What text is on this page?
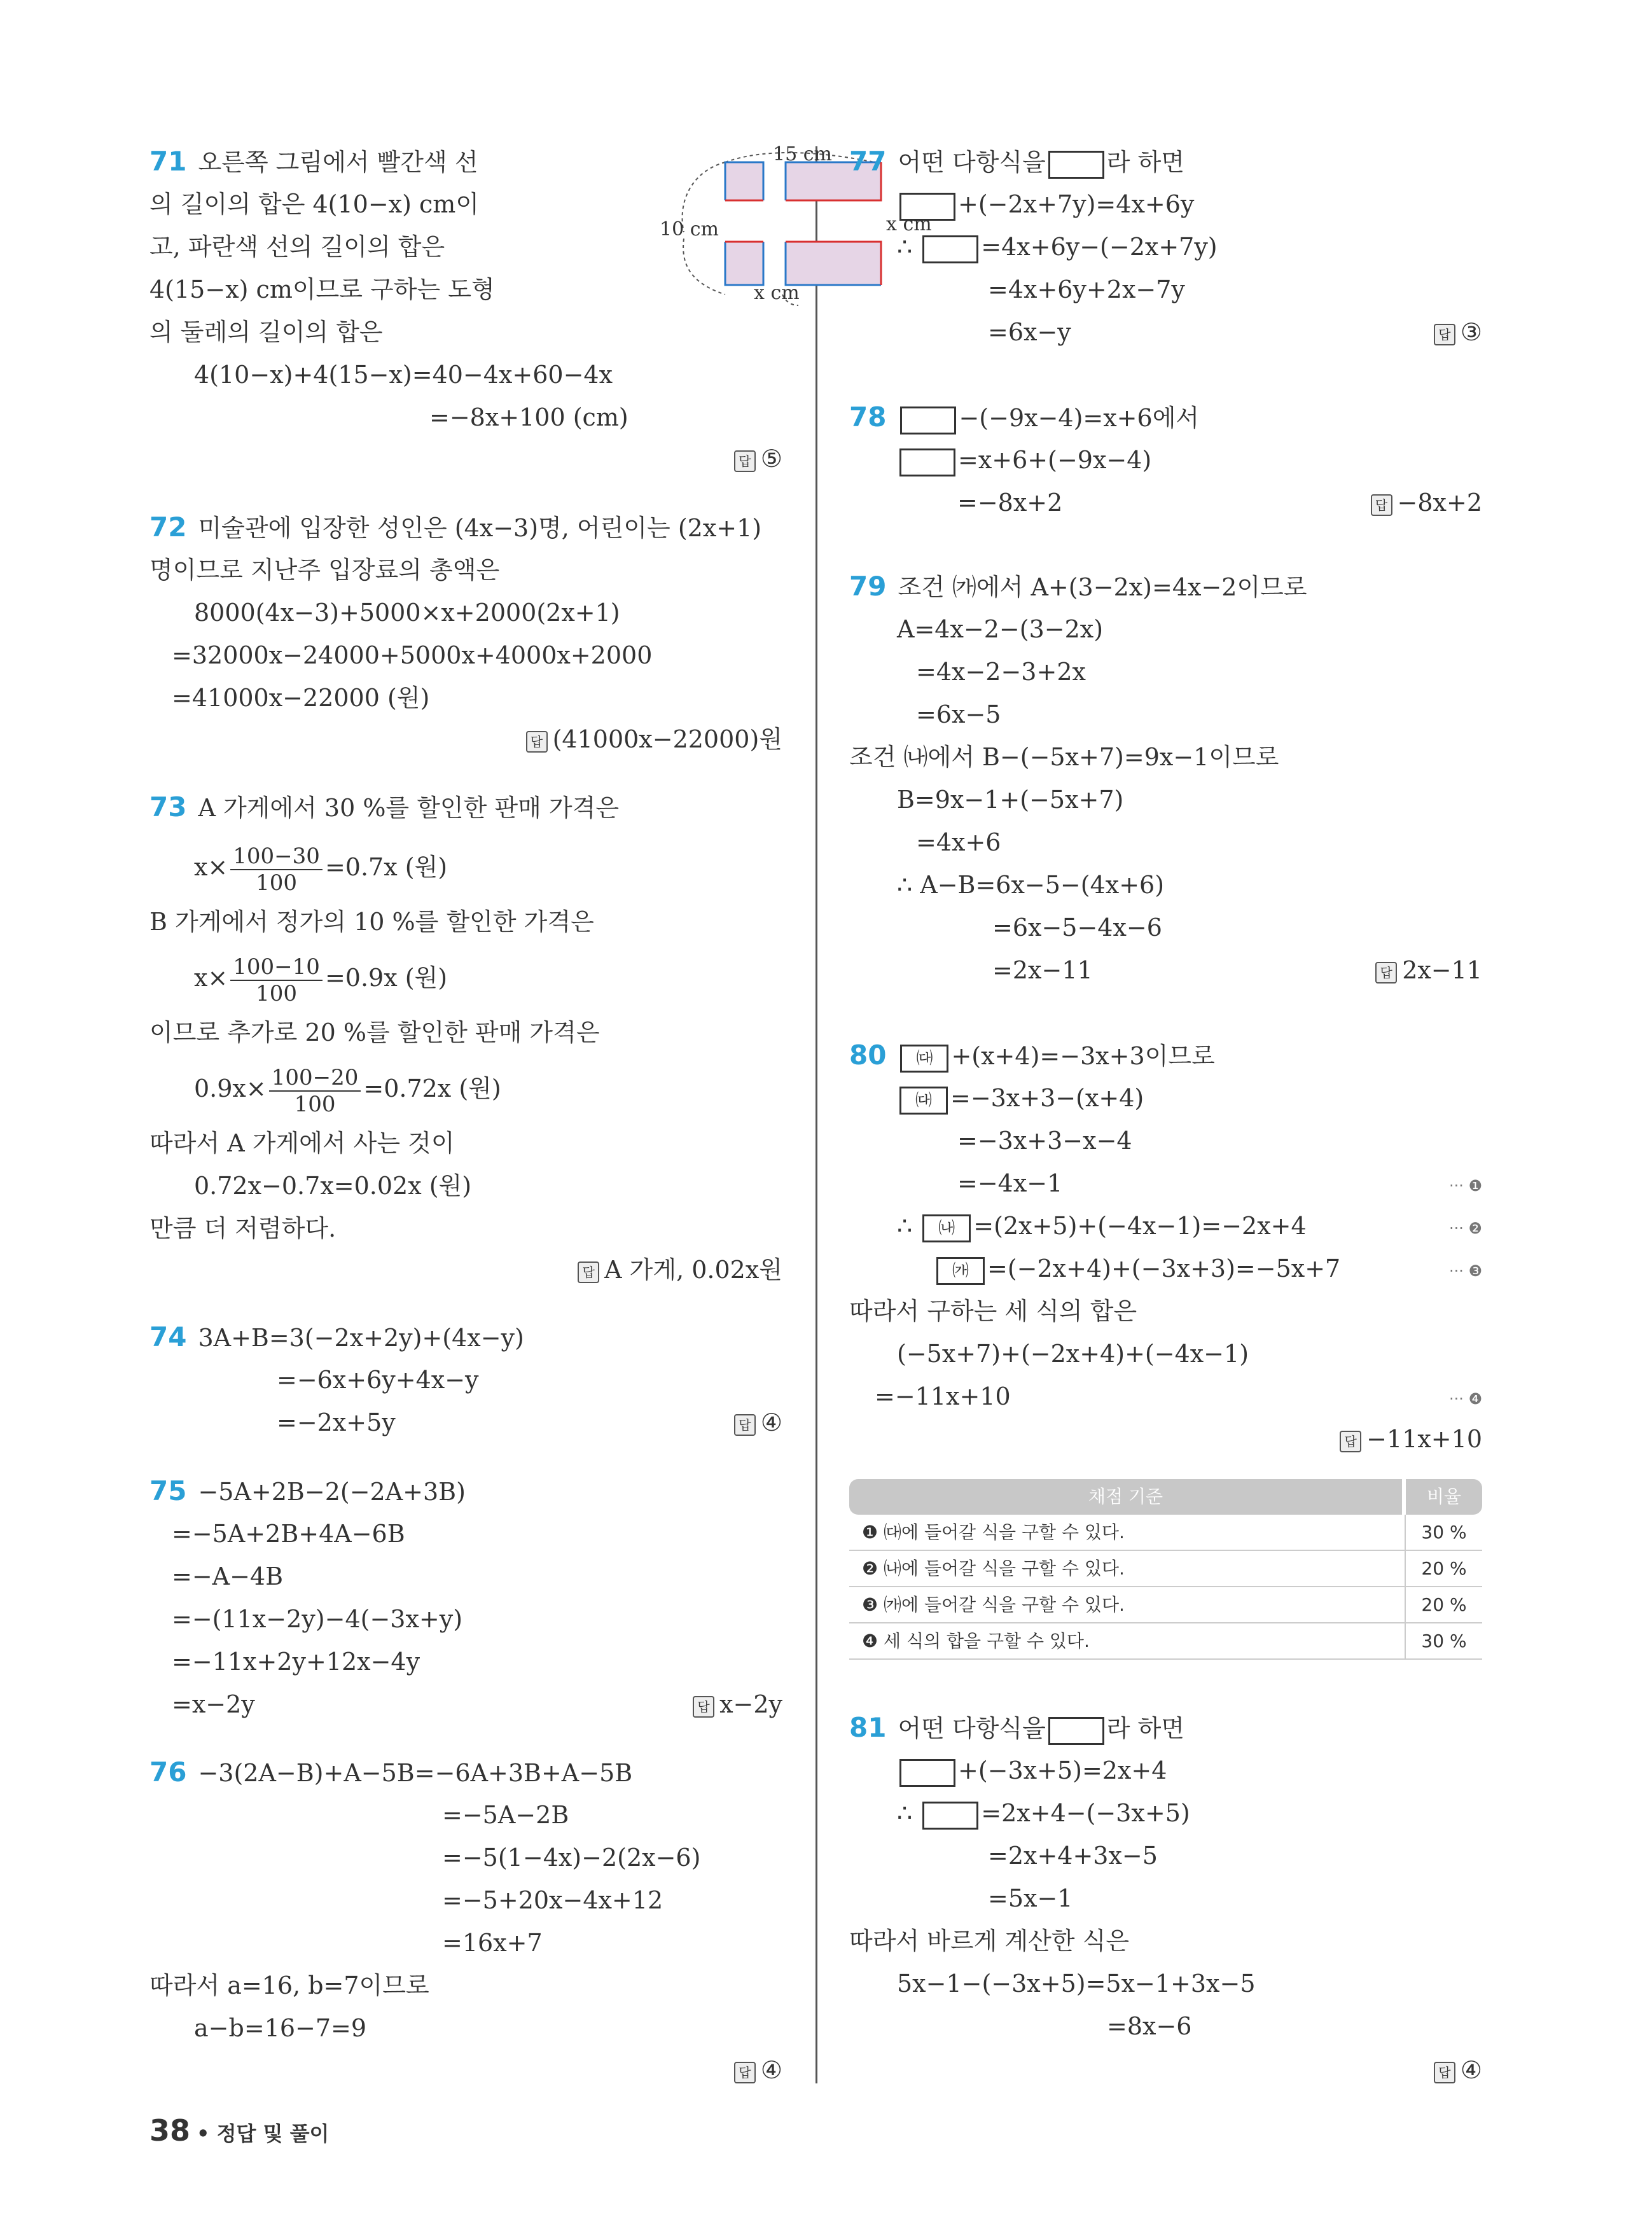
71 오른쪽 그림에서 빨간색 선
의 길이의 합은 4(10−x) cm이
고, 파란색 선의 길이의 합은
4(15−x) cm이므로 구하는 도형
의 둘레의 길이의 합은
4(10−x)+4(15−x)=40−4x+60−4x
=−8x+100 (cm)
답 ⑤
15 cm
10 cm	x cm
x cm
72 미술관에 입장한 성인은 (4x−3)명, 어린이는 (2x+1)
명이므로 지난주 입장료의 총액은
8000(4x−3)+5000×x+2000(2x+1)
=32000x−24000+5000x+4000x+2000
=41000x−22000 (원)
답 (41000x−22000)원
73 A 가게에서 30 %를 할인한 판매 가격은
$x\times \frac{100-30}{100} =0.7x$ (원)
B 가게에서 정가의 10 %를 할인한 가격은
$x\times \frac{100-10}{100} =0.9x$ (원)
이므로 추가로 20 %를 할인한 판매 가격은
$0.9x\times \frac{100-20}{100} =0.72x$ (원)
따라서 A 가게에서 사는 것이
0.72x−0.7x=0.02x (원)
만큼 더 저렴하다.
답 A 가게, 0.02x원
74 3A+B=3(−2x+2y)+(4x−y)
=−6x+6y+4x−y
=−2x+5y	답 ④
75 −5A+2B−2(−2A+3B)
=−5A+2B+4A−6B
=−A−4B
=−(11x−2y)−4(−3x+y)
=−11x+2y+12x−4y
=x−2y	답 x−2y
76 −3(2A−B)+A−5B=−6A+3B+A−5B
=−5A−2B
=−5(1−4x)−2(2x−6)
=−5+20x−4x+12
=16x+7
따라서 a=16, b=7이므로
a−b=16−7=9
답 ④
77 어떤 다항식을	라 하면
+(−2x+7y)=4x+6y
∴	=4x+6y−(−2x+7y)
=4x+6y+2x−7y
=6x−y	답 ③
78	−(−9x−4)=x+6에서
=x+6+(−9x−4)
=−8x+2	답 −8x+2
79 조건 ㈎에서 A+(3−2x)=4x−2이므로
A=4x−2−(3−2x)
=4x−2−3+2x
=6x−5
조건 ㈏에서 B−(−5x+7)=9x−1이므로
B=9x−1+(−5x+7)
=4x+6
∴ A−B=6x−5−(4x+6)
=6x−5−4x−6
=2x−11	답 2x−11
80 ㈐ +(x+4)=−3x+3이므로
㈐ =−3x+3−(x+4)
=−3x+3−x−4
=−4x−1	··· ❶
∴ ㈏ =(2x+5)+(−4x−1)=−2x+4	··· ❷
㈎ =(−2x+4)+(−3x+3)=−5x+7	··· ❸
따라서 구하는 세 식의 합은
(−5x+7)+(−2x+4)+(−4x−1)
=−11x+10	··· ❹
답 −11x+10
채점 기준	비율
❶ ㈐에 들어갈 식을 구할 수 있다.	30 %
❷ ㈏에 들어갈 식을 구할 수 있다.	20 %
❸ ㈎에 들어갈 식을 구할 수 있다.	20 %
❹ 세 식의 합을 구할 수 있다.	30 %
81 어떤 다항식을	라 하면
+(−3x+5)=2x+4
∴	=2x+4−(−3x+5)
=2x+4+3x−5
=5x−1
따라서 바르게 계산한 식은
5x−1−(−3x+5)=5x−1+3x−5
=8x−6
답 ④
38 • 정답 및 풀이
